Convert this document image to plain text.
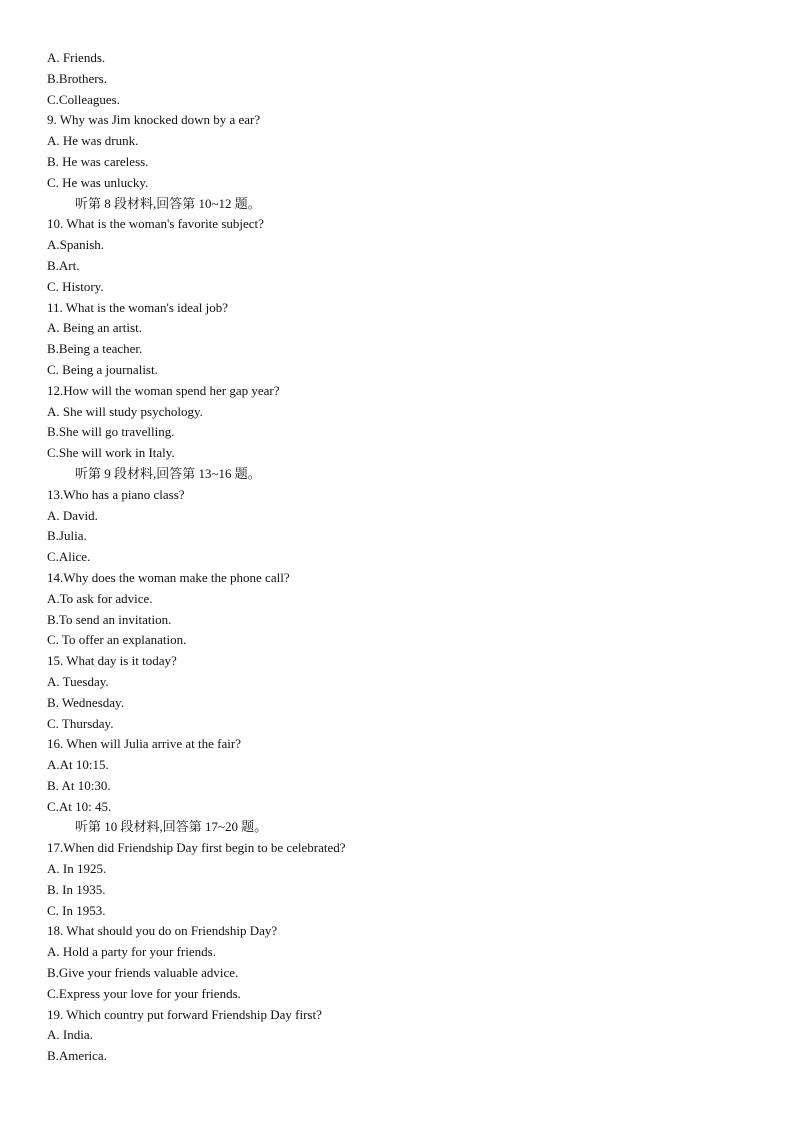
A. Friends.
B.Brothers.
C.Colleagues.
9. Why was Jim knocked down by a ear?
A. He was drunk.
B. He was careless.
C. He was unlucky.
听第 8 段材料,回答第 10~12 题。
10. What is the woman's favorite subject?
A.Spanish.
B.Art.
C. History.
11. What is the woman's ideal job?
A. Being an artist.
B.Being a teacher.
C. Being a journalist.
12.How will the woman spend her gap year?
A. She will study psychology.
B.She will go travelling.
C.She will work in Italy.
听第 9 段材料,回答第 13~16 题。
13.Who has a piano class?
A. David.
B.Julia.
C.Alice.
14.Why does the woman make the phone call?
A.To ask for advice.
B.To send an invitation.
C. To offer an explanation.
15. What day is it today?
A. Tuesday.
B. Wednesday.
C. Thursday.
16. When will Julia arrive at the fair?
A.At 10:15.
B. At 10:30.
C.At 10: 45.
听第 10 段材料,回答第 17~20 题。
17.When did Friendship Day first begin to be celebrated?
A. In 1925.
B. In 1935.
C. In 1953.
18. What should you do on Friendship Day?
A. Hold a party for your friends.
B.Give your friends valuable advice.
C.Express your love for your friends.
19. Which country put forward Friendship Day first?
A. India.
B.America.
